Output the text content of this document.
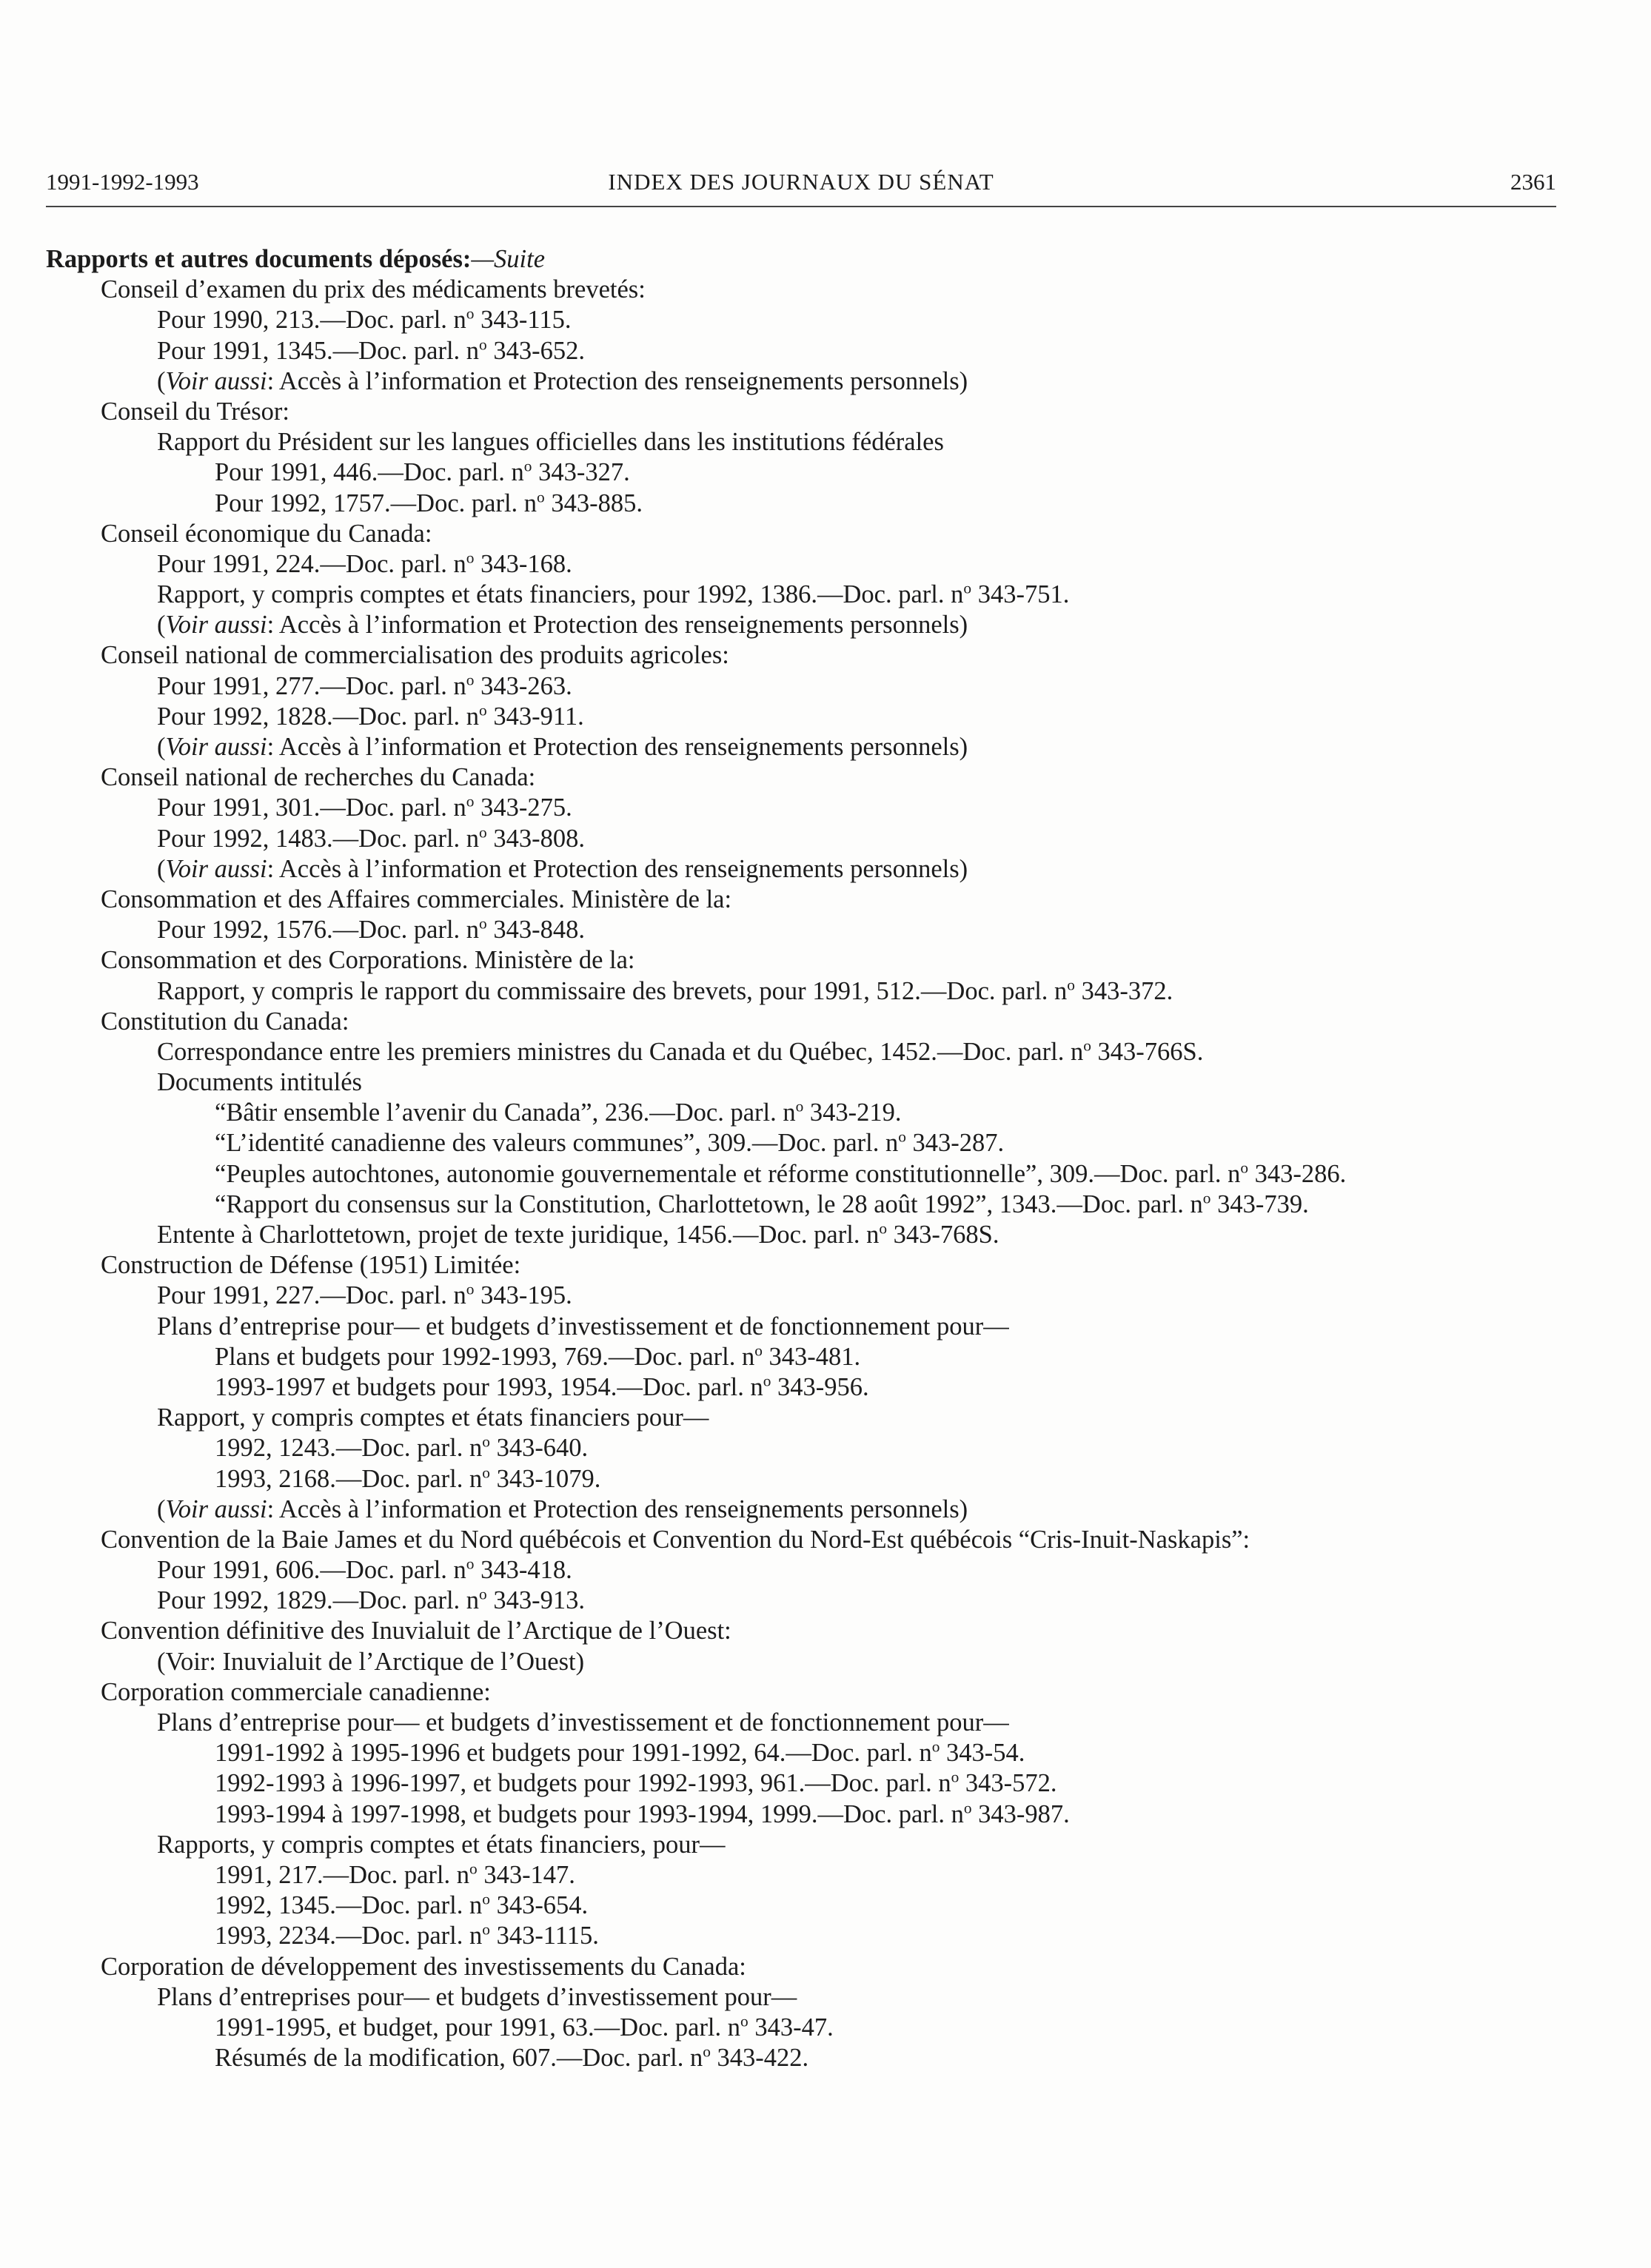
1991-1992-1993	INDEX DES JOURNAUX DU SÉNAT	2361
Rapports et autres documents déposés:—Suite
Conseil d’examen du prix des médicaments brevetés:
Pour 1990, 213.—Doc. parl. $n^o$ 343-115.
Pour 1991, 1345.—Doc. parl. $n^o$ 343-652.
(Voir aussi: Accès à l’information et Protection des renseignements personnels)
Conseil du Trésor:
Rapport du Président sur les langues officielles dans les institutions fédérales
Pour 1991, 446.—Doc. parl. $n^o$ 343-327.
Pour 1992, 1757.—Doc. parl. $n^o$ 343-885.
Conseil économique du Canada:
Pour 1991, 224.—Doc. parl. $n^o$ 343-168.
Rapport, y compris comptes et états financiers, pour 1992, 1386.—Doc. parl. $n^o$ 343-751.
(Voir aussi: Accès à l’information et Protection des renseignements personnels)
Conseil national de commercialisation des produits agricoles:
Pour 1991, 277.—Doc. parl. $n^o$ 343-263.
Pour 1992, 1828.—Doc. parl. $n^o$ 343-911.
(Voir aussi: Accès à l’information et Protection des renseignements personnels)
Conseil national de recherches du Canada:
Pour 1991, 301.—Doc. parl. $n^o$ 343-275.
Pour 1992, 1483.—Doc. parl. $n^o$ 343-808.
(Voir aussi: Accès à l’information et Protection des renseignements personnels)
Consommation et des Affaires commerciales. Ministère de la:
Pour 1992, 1576.—Doc. parl. $n^o$ 343-848.
Consommation et des Corporations. Ministère de la:
Rapport, y compris le rapport du commissaire des brevets, pour 1991, 512.—Doc. parl. $n^o$ 343-372.
Constitution du Canada:
Correspondance entre les premiers ministres du Canada et du Québec, 1452.—Doc. parl. $n^o$ 343-766S.
Documents intitulés
“Bâtir ensemble l’avenir du Canada”, 236.—Doc. parl. $n^o$ 343-219.
“L’identité canadienne des valeurs communes”, 309.—Doc. parl. $n^o$ 343-287.
“Peuples autochtones, autonomie gouvernementale et réforme constitutionnelle”, 309.—Doc. parl. $n^o$ 343-286.
“Rapport du consensus sur la Constitution, Charlottetown, le 28 août 1992”, 1343.—Doc. parl. $n^o$ 343-739.
Entente à Charlottetown, projet de texte juridique, 1456.—Doc. parl. $n^o$ 343-768S.
Construction de Défense (1951) Limitée:
Pour 1991, 227.—Doc. parl. $n^o$ 343-195.
Plans d’entreprise pour— et budgets d’investissement et de fonctionnement pour—
Plans et budgets pour 1992-1993, 769.—Doc. parl. $n^o$ 343-481.
1993-1997 et budgets pour 1993, 1954.—Doc. parl. $n^o$ 343-956.
Rapport, y compris comptes et états financiers pour—
1992, 1243.—Doc. parl. $n^o$ 343-640.
1993, 2168.—Doc. parl. $n^o$ 343-1079.
(Voir aussi: Accès à l’information et Protection des renseignements personnels)
Convention de la Baie James et du Nord québécois et Convention du Nord-Est québécois “Cris-Inuit-Naskapis”:
Pour 1991, 606.—Doc. parl. $n^o$ 343-418.
Pour 1992, 1829.—Doc. parl. $n^o$ 343-913.
Convention définitive des Inuvialuit de l’Arctique de l’Ouest:
(Voir: Inuvialuit de l’Arctique de l’Ouest)
Corporation commerciale canadienne:
Plans d’entreprise pour— et budgets d’investissement et de fonctionnement pour—
1991-1992 à 1995-1996 et budgets pour 1991-1992, 64.—Doc. parl. $n^o$ 343-54.
1992-1993 à 1996-1997, et budgets pour 1992-1993, 961.—Doc. parl. $n^o$ 343-572.
1993-1994 à 1997-1998, et budgets pour 1993-1994, 1999.—Doc. parl. $n^o$ 343-987.
Rapports, y compris comptes et états financiers, pour—
1991, 217.—Doc. parl. $n^o$ 343-147.
1992, 1345.—Doc. parl. $n^o$ 343-654.
1993, 2234.—Doc. parl. $n^o$ 343-1115.
Corporation de développement des investissements du Canada:
Plans d’entreprises pour— et budgets d’investissement pour—
1991-1995, et budget, pour 1991, 63.—Doc. parl. $n^o$ 343-47.
Résumés de la modification, 607.—Doc. parl. $n^o$ 343-422.
